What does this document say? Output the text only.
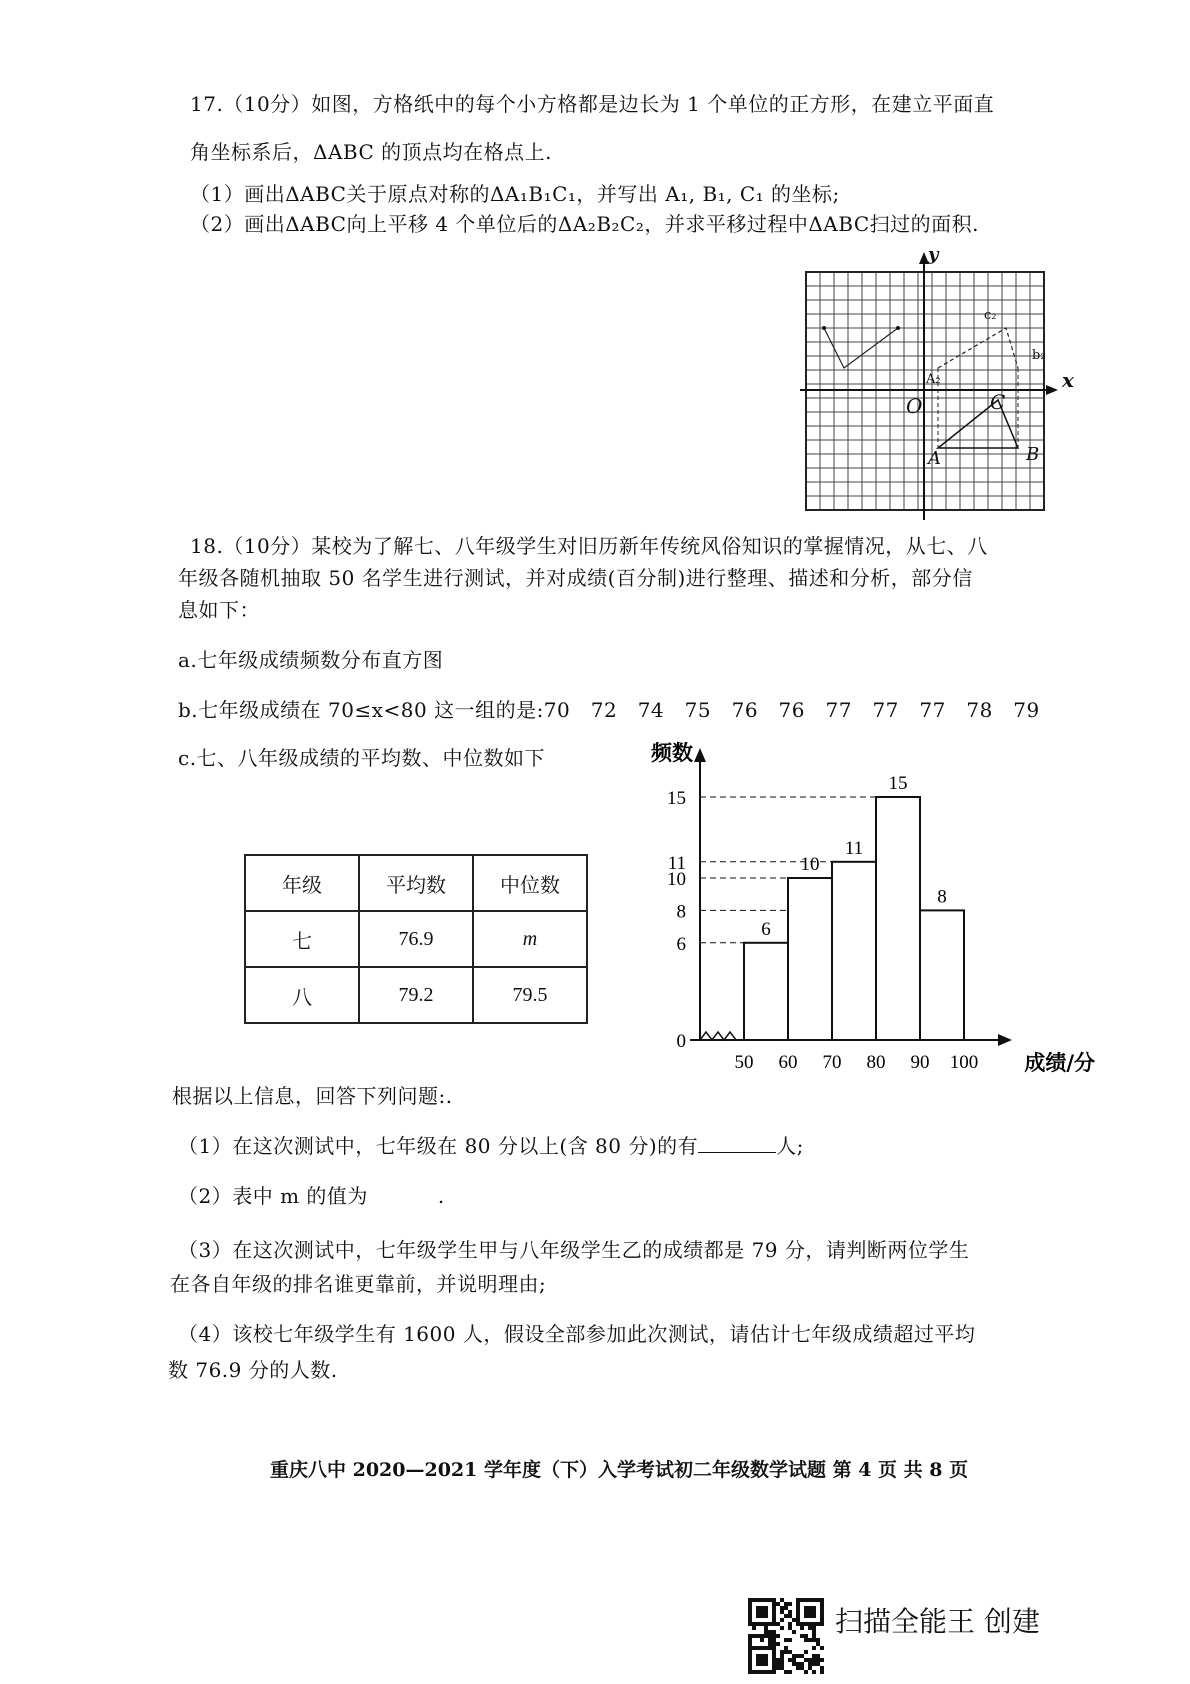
17.（10分）如图，方格纸中的每个小方格都是边长为 1 个单位的正方形，在建立平面直
角坐标系后，ΔABC 的顶点均在格点上.
（1）画出ΔABC关于原点对称的ΔA₁B₁C₁，并写出 A₁, B₁, C₁ 的坐标;
（2）画出ΔABC向上平移 4 个单位后的ΔA₂B₂C₂，并求平移过程中ΔABC扫过的面积.
y
x
O
A	B
C
A₂
c₂
b₂
18.（10分）某校为了解七、八年级学生对旧历新年传统风俗知识的掌握情况，从七、八
年级各随机抽取 50 名学生进行测试，并对成绩(百分制)进行整理、描述和分析，部分信
息如下：
a.七年级成绩频数分布直方图
b.七年级成绩在 70≤x<80 这一组的是:70　72　74　75　76　76　77　77　77　78　79
c.七、八年级成绩的平均数、中位数如下
年级	平均数	中位数
七	76.9	m
八	79.2	79.5
0
6
8
10
11
15
6
10
11
15
8
50 60 70 80 90 100
频数
成绩/分
根据以上信息，回答下列问题:.
（1）在这次测试中，七年级在 80 分以上(含 80 分)的有	人;
（2）表中 m 的值为	.
（3）在这次测试中，七年级学生甲与八年级学生乙的成绩都是 79 分，请判断两位学生
在各自年级的排名谁更靠前，并说明理由;
（4）该校七年级学生有 1600 人，假设全部参加此次测试，请估计七年级成绩超过平均
数 76.9 分的人数.
重庆八中 2020—2021 学年度（下）入学考试初二年级数学试题 第 4 页 共 8 页
扫描全能王 创建
